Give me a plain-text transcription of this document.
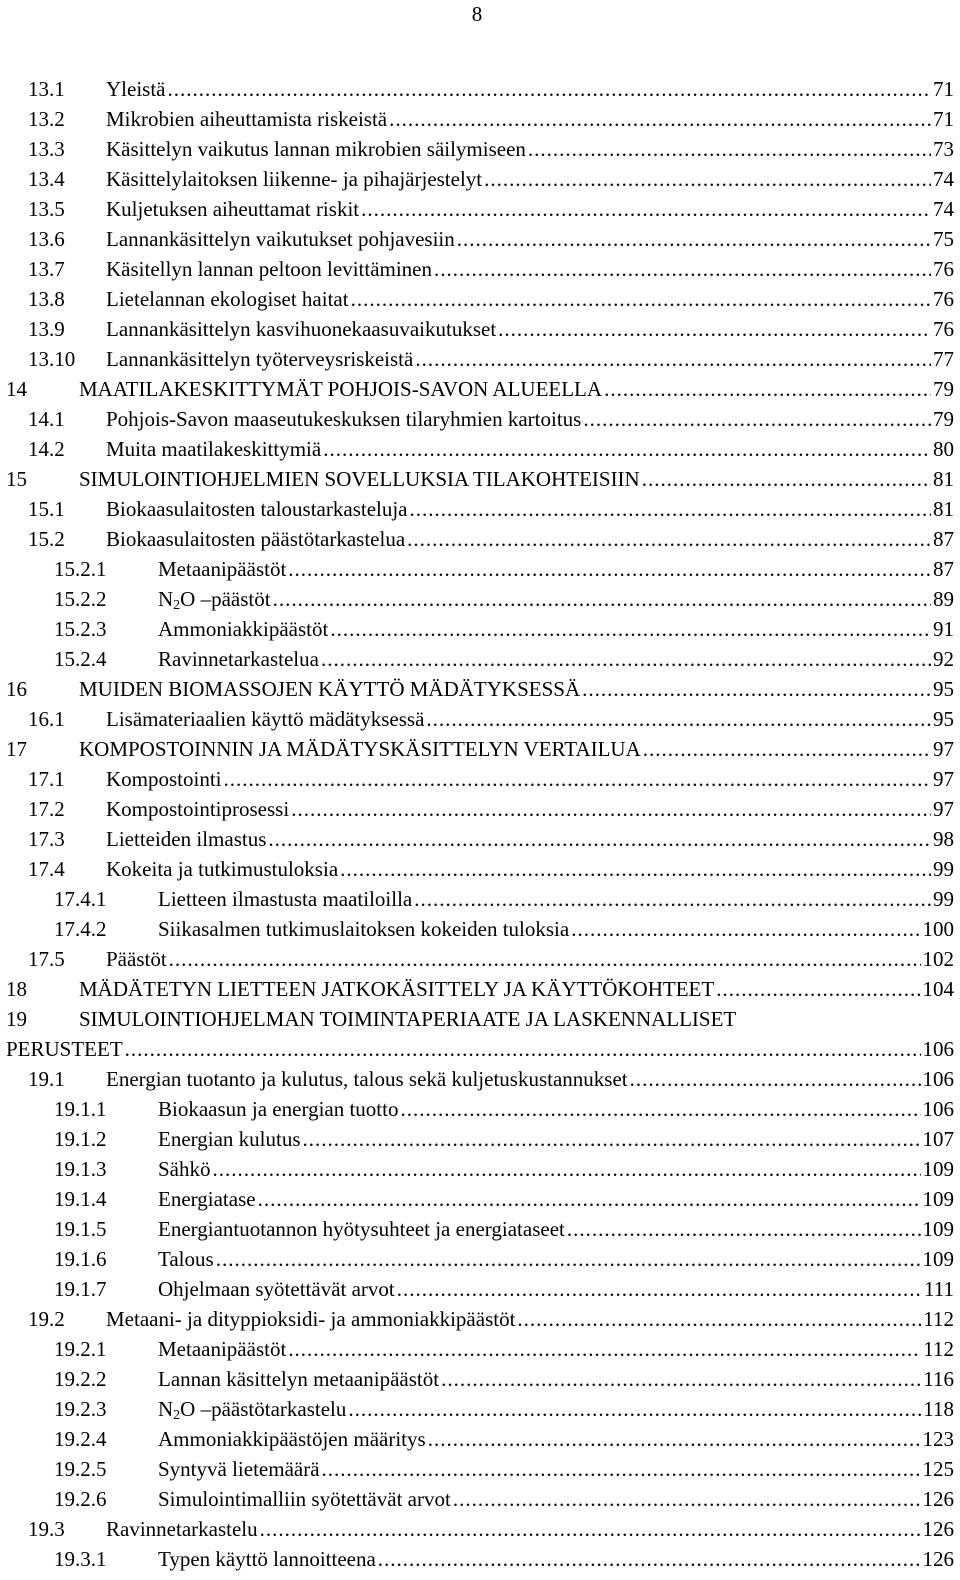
8
13.1 Yleistä .....	71
13.2 Mikrobien aiheuttamista riskeistä .....	71
13.3 Käsittelyn vaikutus lannan mikrobien säilymiseen .....	73
13.4 Käsittelylaitoksen liikenne- ja pihajärjestelyt .....	74
13.5 Kuljetuksen aiheuttamat riskit .....	74
13.6 Lannankäsittelyn vaikutukset pohjavesiin .....	75
13.7 Käsitellyn lannan peltoon levittäminen .....	76
13.8 Lietelannan ekologiset haitat .....	76
13.9 Lannankäsittelyn kasvihuonekaasuvaikutukset .....	76
13.10 Lannankäsittelyn työterveysriskeistä .....	77
14 MAATILAKESKITTYMÄT POHJOIS-SAVON ALUEELLA .....	79
14.1 Pohjois-Savon maaseutukeskuksen tilaryhmien kartoitus .....	79
14.2 Muita maatilakeskittymiä .....	80
15 SIMULOINTIOHJELMIEN SOVELLUKSIA TILAKOHTEISIIN .....	81
15.1 Biokaasulaitosten taloustarkasteluja .....	81
15.2 Biokaasulaitosten päästötarkastelua .....	87
15.2.1 Metaanipäästöt .....	87
15.2.2 $N_2O$ –päästöt .....	89
15.2.3 Ammoniakkipäästöt .....	91
15.2.4 Ravinnetarkastelua .....	92
16 MUIDEN BIOMASSOJEN KÄYTTÖ MÄDÄTYKSESSÄ .....	95
16.1 Lisämateriaalien käyttö mädätyksessä .....	95
17 KOMPOSTOINNIN JA MÄDÄTYSKÄSITTELYN VERTAILUA .....	97
17.1 Kompostointi .....	97
17.2 Kompostointiprosessi .....	97
17.3 Lietteiden ilmastus .....	98
17.4 Kokeita ja tutkimustuloksia .....	99
17.4.1 Lietteen ilmastusta maatiloilla .....	99
17.4.2 Siikasalmen tutkimuslaitoksen kokeiden tuloksia .....	100
17.5 Päästöt .....	102
18 MÄDÄTETYN LIETTEEN JATKOKÄSITTELY JA KÄYTTÖKOHTEET .....	104
19 SIMULOINTIOHJELMAN TOIMINTAPERIAATE JA LASKENNALLISET
PERUSTEET .....	106
19.1 Energian tuotanto ja kulutus, talous sekä kuljetuskustannukset .....	106
19.1.1 Biokaasun ja energian tuotto .....	106
19.1.2 Energian kulutus .....	107
19.1.3 Sähkö .....	109
19.1.4 Energiatase .....	109
19.1.5 Energiantuotannon hyötysuhteet ja energiataseet .....	109
19.1.6 Talous .....	109
19.1.7 Ohjelmaan syötettävät arvot .....	111
19.2 Metaani- ja dityppioksidi- ja ammoniakkipäästöt .....	112
19.2.1 Metaanipäästöt .....	112
19.2.2 Lannan käsittelyn metaanipäästöt .....	116
19.2.3 $N_2O$ –päästötarkastelu .....	118
19.2.4 Ammoniakkipäästöjen määritys .....	123
19.2.5 Syntyvä lietemäärä .....	125
19.2.6 Simulointimalliin syötettävät arvot .....	126
19.3 Ravinnetarkastelu .....	126
19.3.1 Typen käyttö lannoitteena .....	126
